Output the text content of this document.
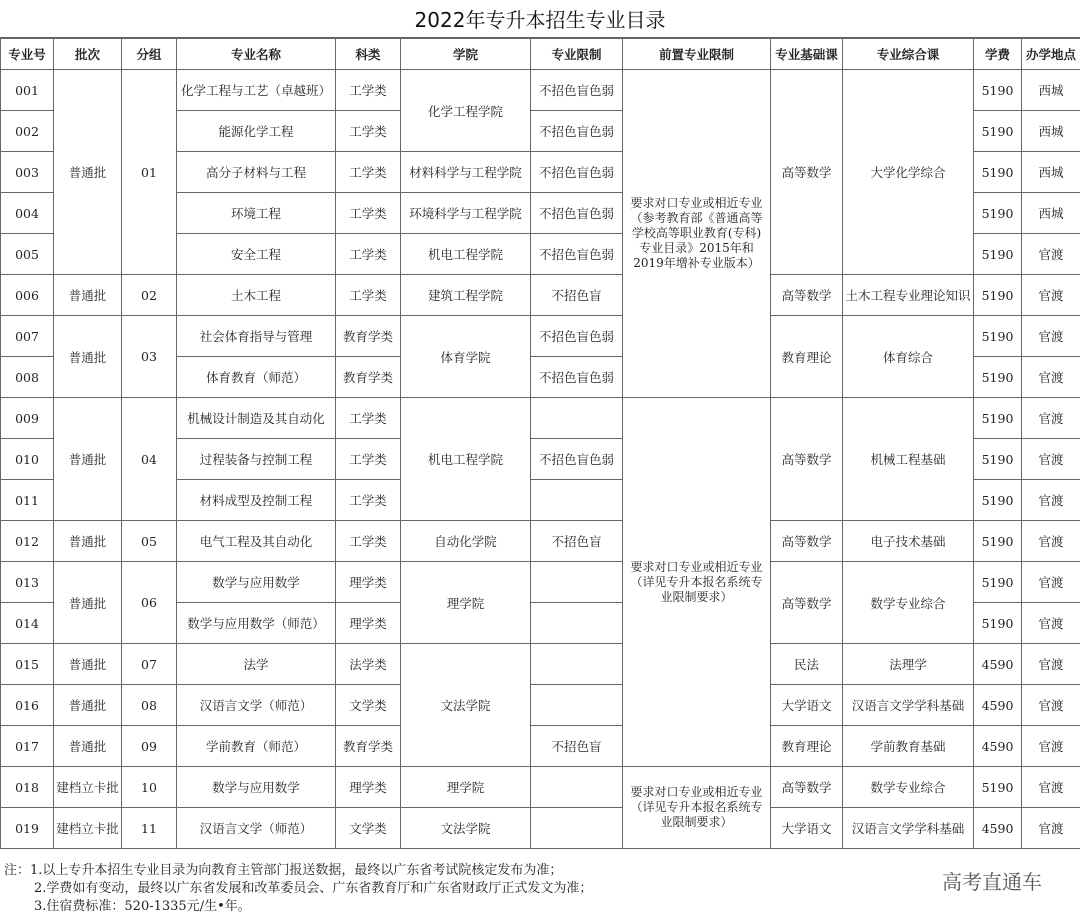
2022年专升本招生专业目录
专业号	批次	分组	专业名称	科类	学院	专业限制	前置专业限制	专业基础课	专业综合课	学费	办学地点
001	普通批	01	化学工程与工艺（卓越班）	工学类	化学工程学院	不招色盲色弱	要求对口专业或相近专业（参考教育部《普通高等学校高等职业教育(专科)专业目录》2015年和2019年增补专业版本）	高等数学	大学化学综合	5190	西城
002			能源化学工程	工学类		不招色盲色弱				5190	西城
003			高分子材料与工程	工学类	材料科学与工程学院	不招色盲色弱				5190	西城
004			环境工程	工学类	环境科学与工程学院	不招色盲色弱				5190	西城
005			安全工程	工学类	机电工程学院	不招色盲色弱				5190	官渡
006	普通批	02	土木工程	工学类	建筑工程学院	不招色盲		高等数学	土木工程专业理论知识	5190	官渡
007	普通批	03	社会体育指导与管理	教育学类	体育学院	不招色盲色弱		教育理论	体育综合	5190	官渡
008			体育教育（师范）	教育学类		不招色盲色弱				5190	官渡
009	普通批	04	机械设计制造及其自动化	工学类	机电工程学院		要求对口专业或相近专业
（详见专升本报名系统专业限制要求）	高等数学	机械工程基础	5190	官渡
010			过程装备与控制工程	工学类		不招色盲色弱				5190	官渡
011			材料成型及控制工程	工学类						5190	官渡
012	普通批	05	电气工程及其自动化	工学类	自动化学院	不招色盲		高等数学	电子技术基础	5190	官渡
013	普通批	06	数学与应用数学	理学类	理学院			高等数学	数学专业综合	5190	官渡
014			数学与应用数学（师范）	理学类						5190	官渡
015	普通批	07	法学	法学类	文法学院			民法	法理学	4590	官渡
016	普通批	08	汉语言文学（师范）	文学类				大学语文	汉语言文学学科基础	4590	官渡
017	普通批	09	学前教育（师范）	教育学类		不招色盲		教育理论	学前教育基础	4590	官渡
018	建档立卡批	10	数学与应用数学	理学类	理学院		要求对口专业或相近专业
（详见专升本报名系统专业限制要求）	高等数学	数学专业综合	5190	官渡
019	建档立卡批	11	汉语言文学（师范）	文学类	文法学院			大学语文	汉语言文学学科基础	4590	官渡
注：1.以上专升本招生专业目录为向教育主管部门报送数据，最终以广东省考试院核定发布为准；
2.学费如有变动，最终以广东省发展和改革委员会、广东省教育厅和广东省财政厅正式发文为准；
3.住宿费标准：520-1335元/生•年。
高考直通车
